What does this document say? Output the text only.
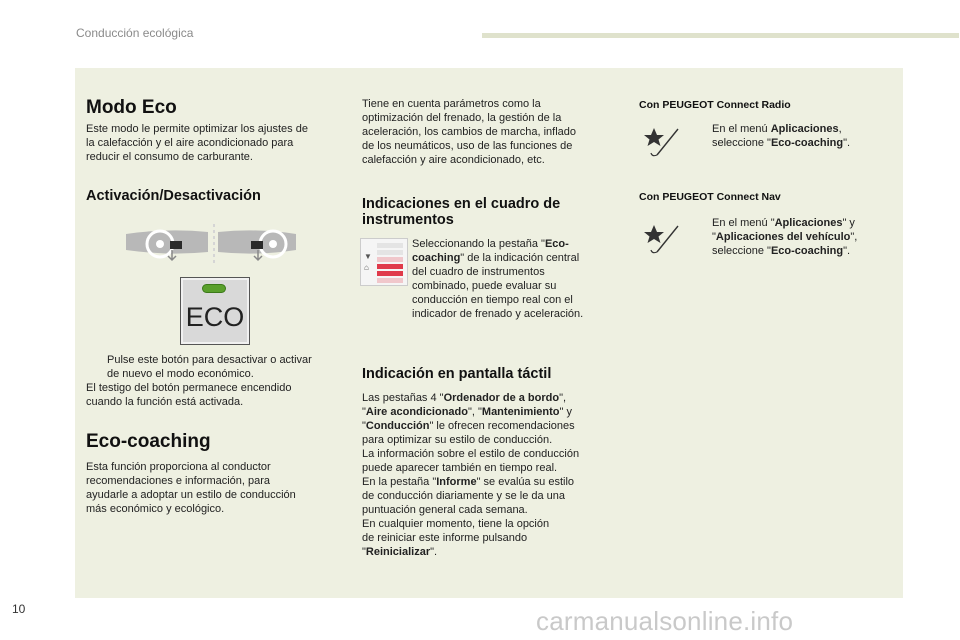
Conducción ecológica
Modo Eco
Este modo le permite optimizar los ajustes de
la calefacción y el aire acondicionado para
reducir el consumo de carburante.
Activación/Desactivación
ECO
Pulse este botón para desactivar o activar
de nuevo el modo económico.
El testigo del botón permanece encendido
cuando la función está activada.
Eco-coaching
Esta función proporciona al conductor
recomendaciones e información, para
ayudarle a adoptar un estilo de conducción
más económico y ecológico.
Tiene en cuenta parámetros como la
optimización del frenado, la gestión de la
aceleración, los cambios de marcha, inflado
de los neumáticos, uso de las funciones de
calefacción y aire acondicionado, etc.
Indicaciones en el cuadro de
instrumentos
▼
⌂
Seleccionando la pestaña "Eco-
coaching" de la indicación central
del cuadro de instrumentos
combinado, puede evaluar su
conducción en tiempo real con el
indicador de frenado y aceleración.
Indicación en pantalla táctil
Las pestañas 4 "Ordenador de a bordo",
"Aire acondicionado", "Mantenimiento" y
"Conducción" le ofrecen recomendaciones
para optimizar su estilo de conducción.
La información sobre el estilo de conducción
puede aparecer también en tiempo real.
En la pestaña "Informe" se evalúa su estilo
de conducción diariamente y se le da una
puntuación general cada semana.
En cualquier momento, tiene la opción
de reiniciar este informe pulsando
"Reinicializar".
Con PEUGEOT Connect Radio
En el menú Aplicaciones,
seleccione "Eco-coaching".
Con PEUGEOT Connect Nav
En el menú "Aplicaciones" y
"Aplicaciones del vehículo",
seleccione "Eco-coaching".
10	carmanualsonline.info
